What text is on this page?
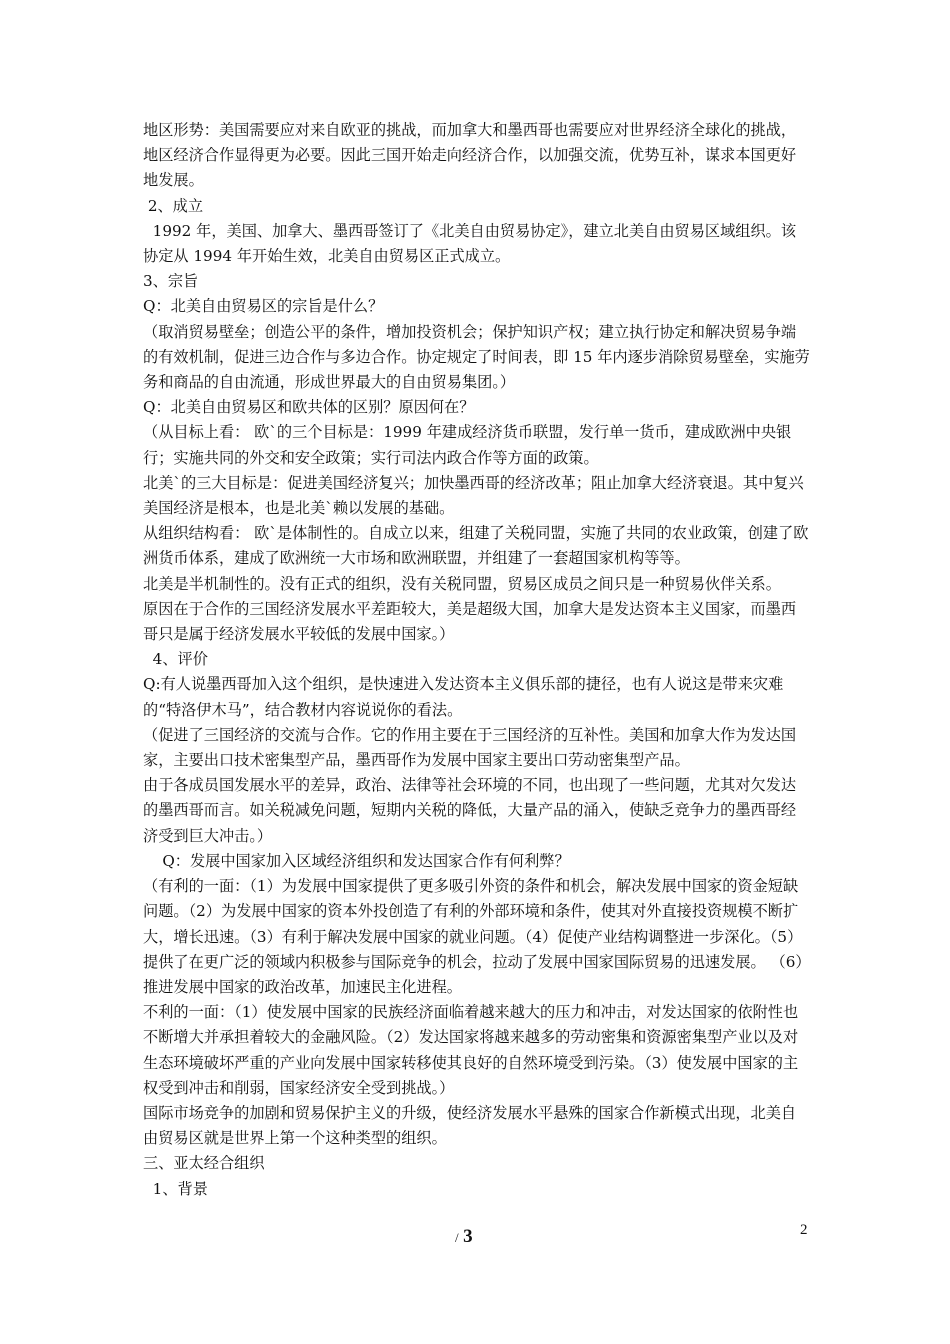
地区形势：美国需要应对来自欧亚的挑战，而加拿大和墨西哥也需要应对世界经济全球化的挑战，地区经济合作显得更为必要。因此三国开始走向经济合作，以加强交流，优势互补，谋求本国更好地发展。

2、成立

1992 年，美国、加拿大、墨西哥签订了《北美自由贸易协定》，建立北美自由贸易区域组织。该协定从 1994 年开始生效，北美自由贸易区正式成立。

3、宗旨

Q：北美自由贸易区的宗旨是什么？

（取消贸易壁垒；创造公平的条件，增加投资机会；保护知识产权；建立执行协定和解决贸易争端的有效机制，促进三边合作与多边合作。协定规定了时间表，即 15 年内逐步消除贸易壁垒，实施劳务和商品的自由流通，形成世界最大的自由贸易集团。）

Q：北美自由贸易区和欧共体的区别？原因何在？

（从目标上看： 欧`的三个目标是：1999 年建成经济货币联盟，发行单一货币，建成欧洲中央银行；实施共同的外交和安全政策；实行司法内政合作等方面的政策。

北美`的三大目标是：促进美国经济复兴；加快墨西哥的经济改革；阻止加拿大经济衰退。其中复兴美国经济是根本，也是北美`赖以发展的基础。

从组织结构看： 欧`是体制性的。自成立以来，组建了关税同盟，实施了共同的农业政策，创建了欧洲货币体系，建成了欧洲统一大市场和欧洲联盟，并组建了一套超国家机构等等。

北美是半机制性的。没有正式的组织，没有关税同盟，贸易区成员之间只是一种贸易伙伴关系。

原因在于合作的三国经济发展水平差距较大，美是超级大国，加拿大是发达资本主义国家，而墨西哥只是属于经济发展水平较低的发展中国家。）

4、评价

Q:有人说墨西哥加入这个组织，是快速进入发达资本主义俱乐部的捷径，也有人说这是带来灾难的“特洛伊木马”，结合教材内容说说你的看法。

（促进了三国经济的交流与合作。它的作用主要在于三国经济的互补性。美国和加拿大作为发达国家，主要出口技术密集型产品，墨西哥作为发展中国家主要出口劳动密集型产品。

由于各成员国发展水平的差异，政治、法律等社会环境的不同，也出现了一些问题，尤其对欠发达的墨西哥而言。如关税减免问题，短期内关税的降低，大量产品的涌入，使缺乏竞争力的墨西哥经济受到巨大冲击。）

Q：发展中国家加入区域经济组织和发达国家合作有何利弊？

（有利的一面：（1）为发展中国家提供了更多吸引外资的条件和机会，解决发展中国家的资金短缺问题。（2）为发展中国家的资本外投创造了有利的外部环境和条件，使其对外直接投资规模不断扩大，增长迅速。（3）有利于解决发展中国家的就业问题。（4）促使产业结构调整进一步深化。（5）提供了在更广泛的领域内积极参与国际竞争的机会，拉动了发展中国家国际贸易的迅速发展。 （6）推进发展中国家的政治改革，加速民主化进程。

不利的一面：（1）使发展中国家的民族经济面临着越来越大的压力和冲击，对发达国家的依附性也不断增大并承担着较大的金融风险。（2）发达国家将越来越多的劳动密集和资源密集型产业以及对生态环境破坏严重的产业向发展中国家转移使其良好的自然环境受到污染。（3）使发展中国家的主权受到冲击和削弱，国家经济安全受到挑战。）

国际市场竞争的加剧和贸易保护主义的升级，使经济发展水平悬殊的国家合作新模式出现，北美自由贸易区就是世界上第一个这种类型的组织。

三、亚太经合组织

1、背景

/ 3	2
